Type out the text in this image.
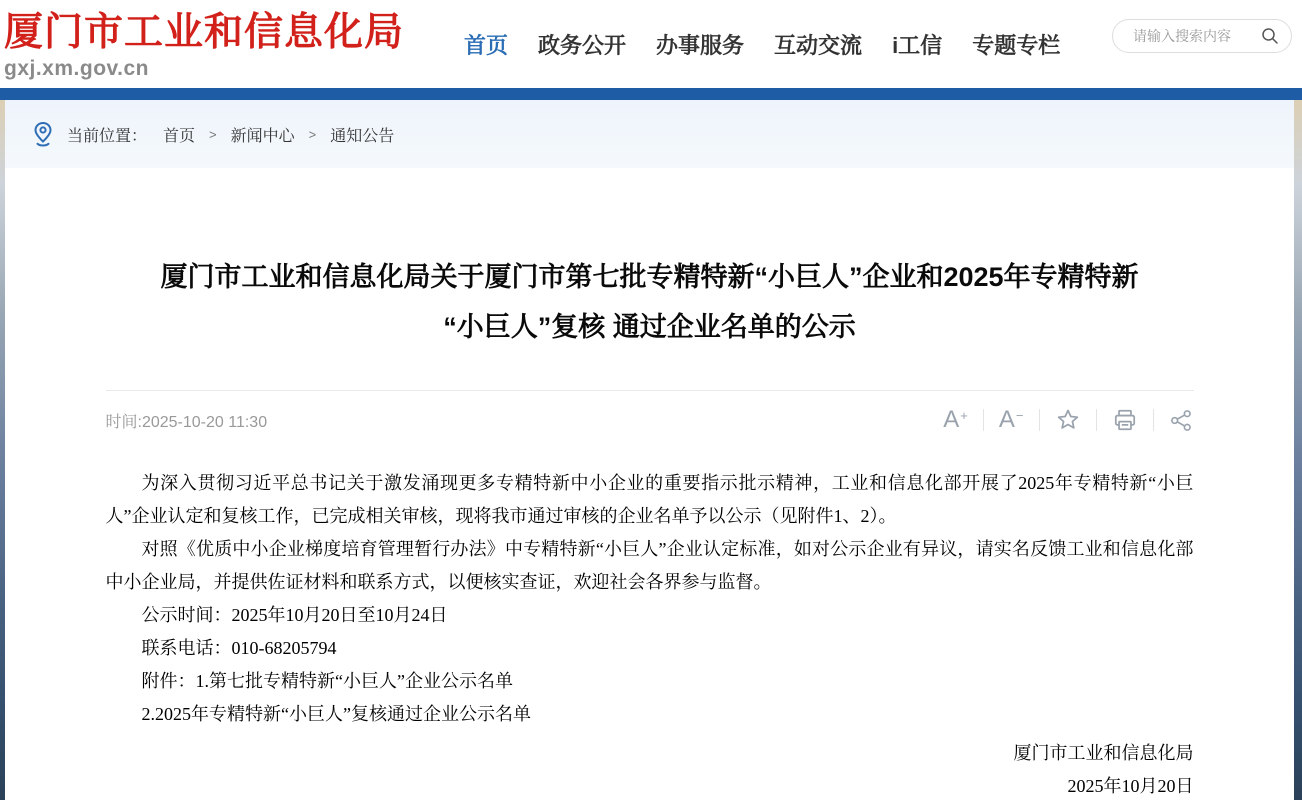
厦门市工业和信息化局
gxj.xm.gov.cn
首页 政务公开 办事服务 互动交流 i工信 专题专栏
请输入搜索内容
当前位置： 首页 > 新闻中心 > 通知公告
厦门市工业和信息化局关于厦门市第七批专精特新“小巨人”企业和2025年专精特新
“小巨人”复核 通过企业名单的公示
时间:2025-10-20 11:30	A+ A−

为深入贯彻习近平总书记关于激发涌现更多专精特新中小企业的重要指示批示精神，工业和信息化部开展了2025年专精特新“小巨人”企业认定和复核工作，已完成相关审核，现将我市通过审核的企业名单予以公示（见附件1、2）。

对照《优质中小企业梯度培育管理暂行办法》中专精特新“小巨人”企业认定标准，如对公示企业有异议，请实名反馈工业和信息化部中小企业局，并提供佐证材料和联系方式，以便核实查证，欢迎社会各界参与监督。

公示时间：2025年10月20日至10月24日

联系电话：010-68205794

附件：1.第七批专精特新“小巨人”企业公示名单

2.2025年专精特新“小巨人”复核通过企业公示名单

厦门市工业和信息化局
2025年10月20日
